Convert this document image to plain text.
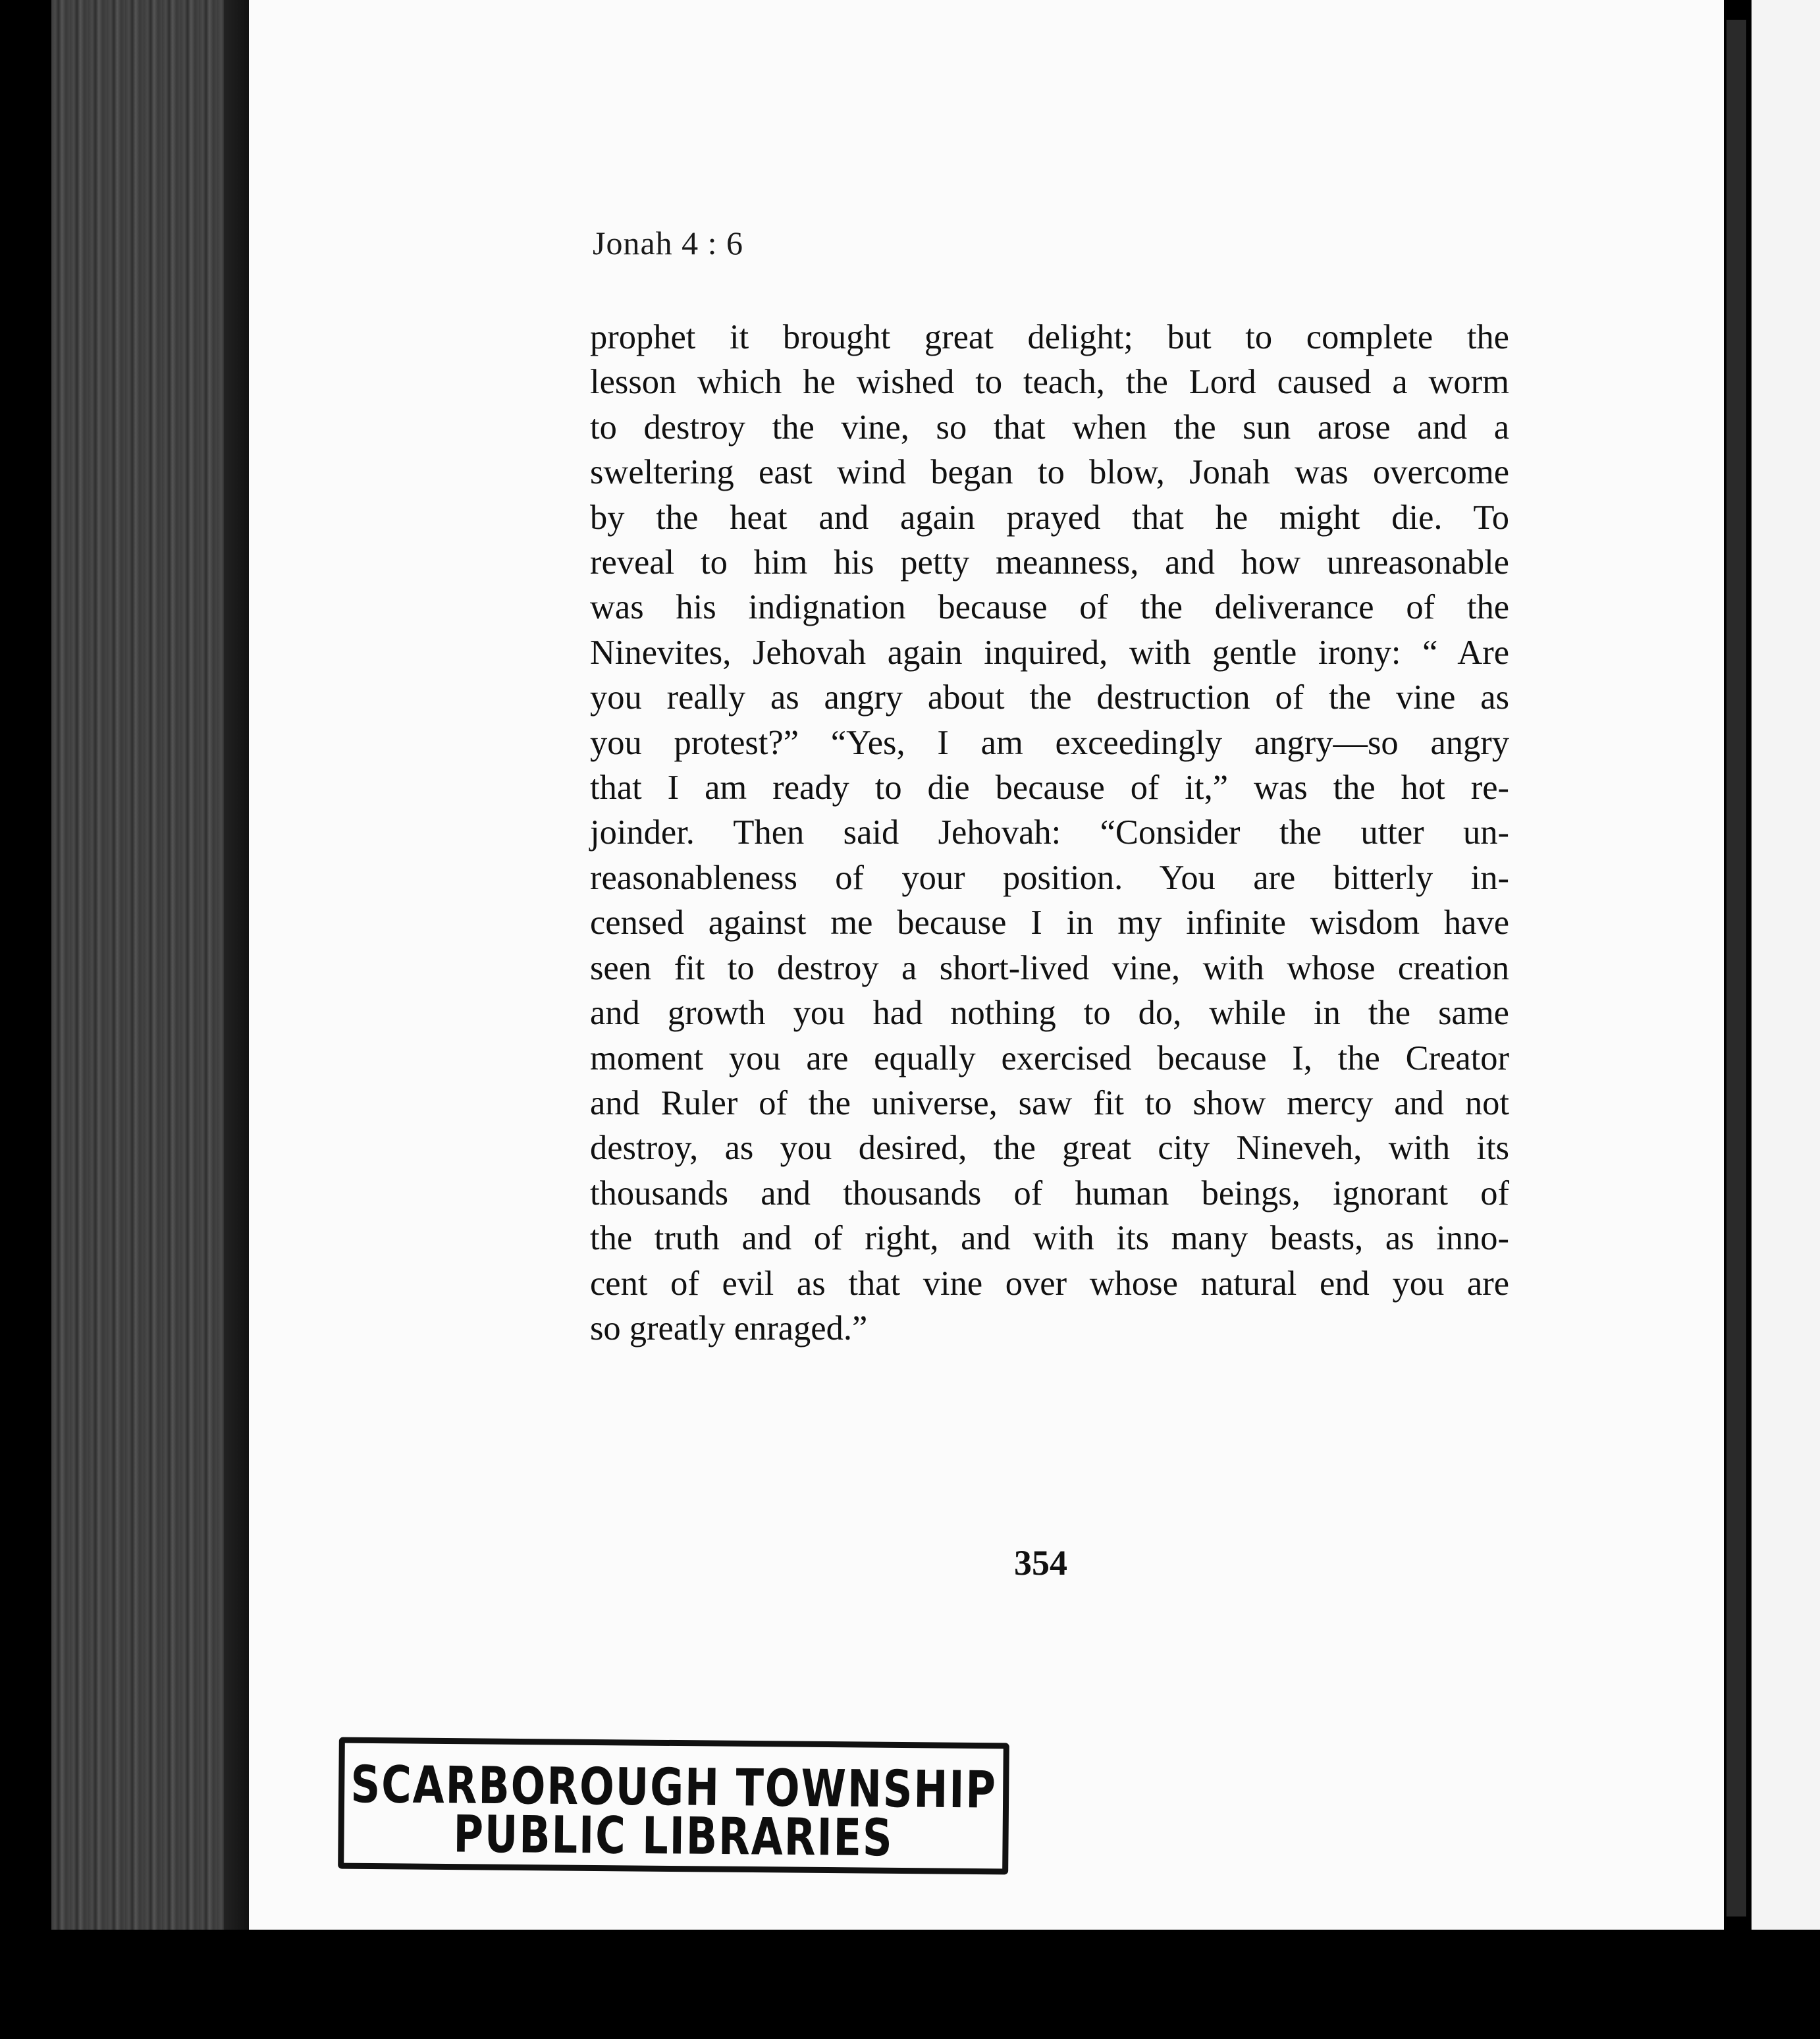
Jonah 4 : 6
prophet it brought great delight; but to complete the
lesson which he wished to teach, the Lord caused a worm
to destroy the vine, so that when the sun arose and a
sweltering east wind began to blow, Jonah was overcome
by the heat and again prayed that he might die. To
reveal to him his petty meanness, and how unreasonable
was his indignation because of the deliverance of the
Ninevites, Jehovah again inquired, with gentle irony: “ Are
you really as angry about the destruction of the vine as
you protest?” “Yes, I am exceedingly angry—so angry
that I am ready to die because of it,” was the hot re-
joinder. Then said Jehovah: “Consider the utter un-
reasonableness of your position. You are bitterly in-
censed against me because I in my infinite wisdom have
seen fit to destroy a short-lived vine, with whose creation
and growth you had nothing to do, while in the same
moment you are equally exercised because I, the Creator
and Ruler of the universe, saw fit to show mercy and not
destroy, as you desired, the great city Nineveh, with its
thousands and thousands of human beings, ignorant of
the truth and of right, and with its many beasts, as inno-
cent of evil as that vine over whose natural end you are
so greatly enraged.”
354
SCARBOROUGH TOWNSHIP
PUBLIC LIBRARIES
